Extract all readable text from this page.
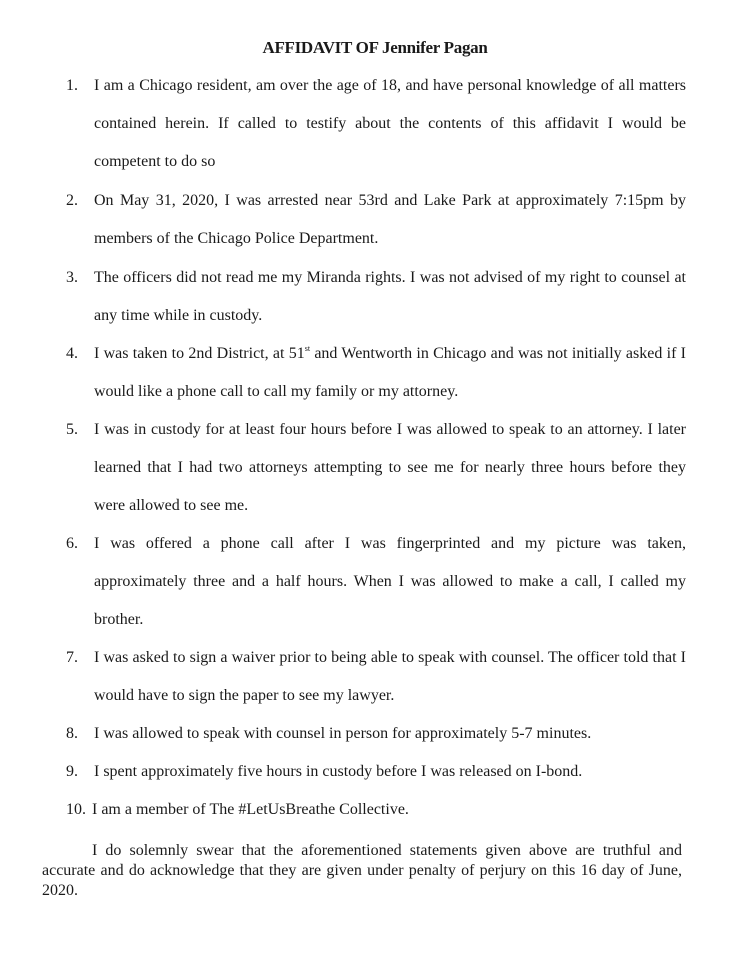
AFFIDAVIT OF Jennifer Pagan
1.	I am a Chicago resident, am over the age of 18, and have personal knowledge of all matters contained herein. If called to testify about the contents of this affidavit I would be competent to do so
2.	On May 31, 2020, I was arrested near 53rd and Lake Park at approximately 7:15pm by members of the Chicago Police Department.
3.	The officers did not read me my Miranda rights. I was not advised of my right to counsel at any time while in custody.
4.	I was taken to 2nd District, at 51st and Wentworth in Chicago and was not initially asked if I would like a phone call to call my family or my attorney.
5.	I was in custody for at least four hours before I was allowed to speak to an attorney. I later learned that I had two attorneys attempting to see me for nearly three hours before they were allowed to see me.
6.	I was offered a phone call after I was fingerprinted and my picture was taken, approximately three and a half hours. When I was allowed to make a call, I called my brother.
7.	I was asked to sign a waiver prior to being able to speak with counsel. The officer told that I would have to sign the paper to see my lawyer.
8.	I was allowed to speak with counsel in person for approximately 5-7 minutes.
9.	I spent approximately five hours in custody before I was released on I-bond.
10. I am a member of The #LetUsBreathe Collective.
I do solemnly swear that the aforementioned statements given above are truthful and accurate and do acknowledge that they are given under penalty of perjury on this 16 day of June, 2020.
